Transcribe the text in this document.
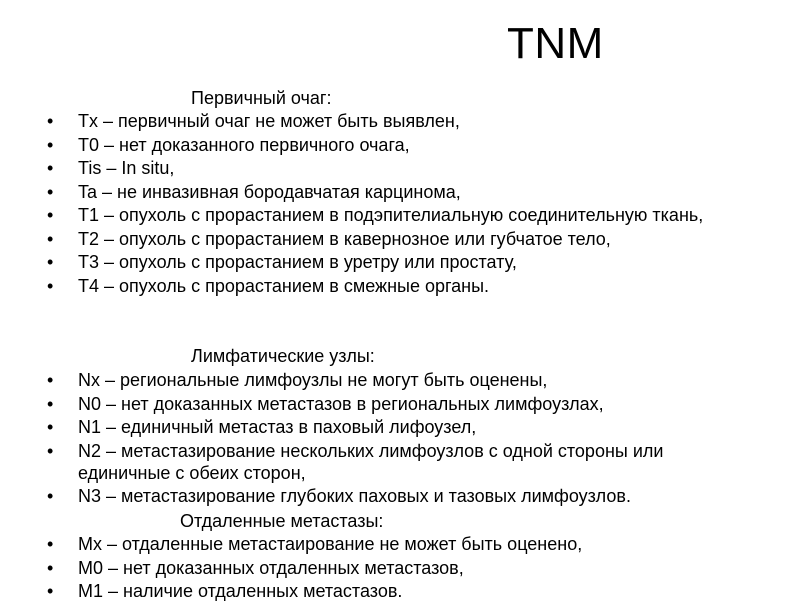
TNM
Первичный очаг:
• Tx – первичный очаг не может быть выявлен,
• T0 – нет доказанного первичного очага,
• Tis – In situ,
• Ta – не инвазивная бородавчатая карцинома,
• T1 – опухоль с прорастанием в подэпителиальную соединительную ткань,
• T2 – опухоль с прорастанием в кавернозное или губчатое тело,
• T3 – опухоль с прорастанием в уретру или простату,
• T4 – опухоль с прорастанием в смежные органы.
Лимфатические узлы:
• Nx – региональные лимфоузлы не могут быть оценены,
• N0 – нет доказанных метастазов в региональных лимфоузлах,
• N1 – единичный метастаз в паховый лифоузел,
• N2 – метастазирование нескольких лимфоузлов с одной стороны или единичные с обеих сторон,
• N3 – метастазирование глубоких паховых и тазовых лимфоузлов.
Отдаленные метастазы:
• Mx – отдаленные метастаирование не может быть оценено,
• M0 – нет доказанных отдаленных метастазов,
• M1 – наличие отдаленных метастазов.
